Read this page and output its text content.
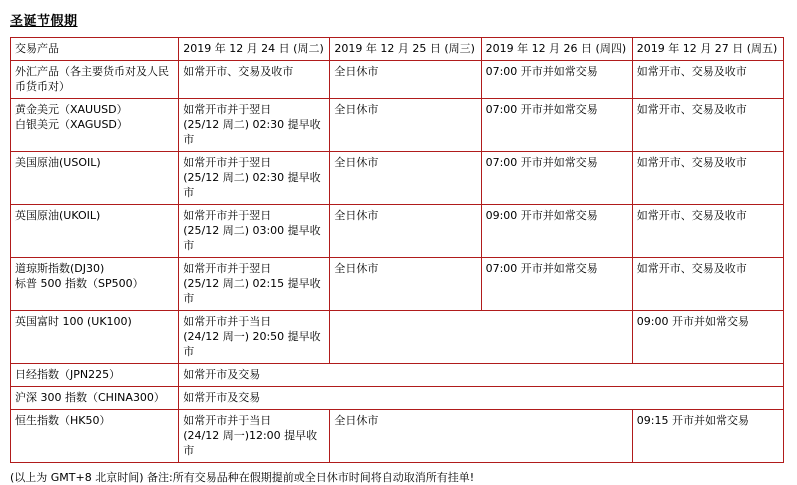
圣诞节假期
交易产品	2019 年 12 月 24 日 (周二)	2019 年 12 月 25 日 (周三)	2019 年 12 月 26 日 (周四)	2019 年 12 月 27 日 (周五)

外汇产品（各主要货币对及人民币货币对）	如常开市、交易及收市	全日休市	07:00 开市并如常交易	如常开市、交易及收市

黄金美元（XAUUSD）
白银美元（XAGUSD）	如常开市并于翌日
(25/12 周二) 02:30 提早收市	全日休市	07:00 开市并如常交易	如常开市、交易及收市

美国原油(USOIL)	如常开市并于翌日
(25/12 周二) 02:30 提早收市	全日休市	07:00 开市并如常交易	如常开市、交易及收市

英国原油(UKOIL)	如常开市并于翌日
(25/12 周二) 03:00 提早收市	全日休市	09:00 开市并如常交易	如常开市、交易及收市

道琼斯指数(DJ30)
标普 500 指数（SP500）	如常开市并于翌日
(25/12 周二) 02:15 提早收市	全日休市	07:00 开市并如常交易	如常开市、交易及收市

英国富时 100 (UK100)	如常开市并于当日
(24/12 周一) 20:50 提早收市			09:00 开市并如常交易

日经指数（JPN225）	如常开市及交易			

沪深 300 指数（CHINA300）	如常开市及交易			

恒生指数（HK50）	如常开市并于当日
(24/12 周一)12:00 提早收市	全日休市		09:15 开市并如常交易
(以上为 GMT+8 北京时间) 备注:所有交易品种在假期提前或全日休市时间将自动取消所有挂单!
